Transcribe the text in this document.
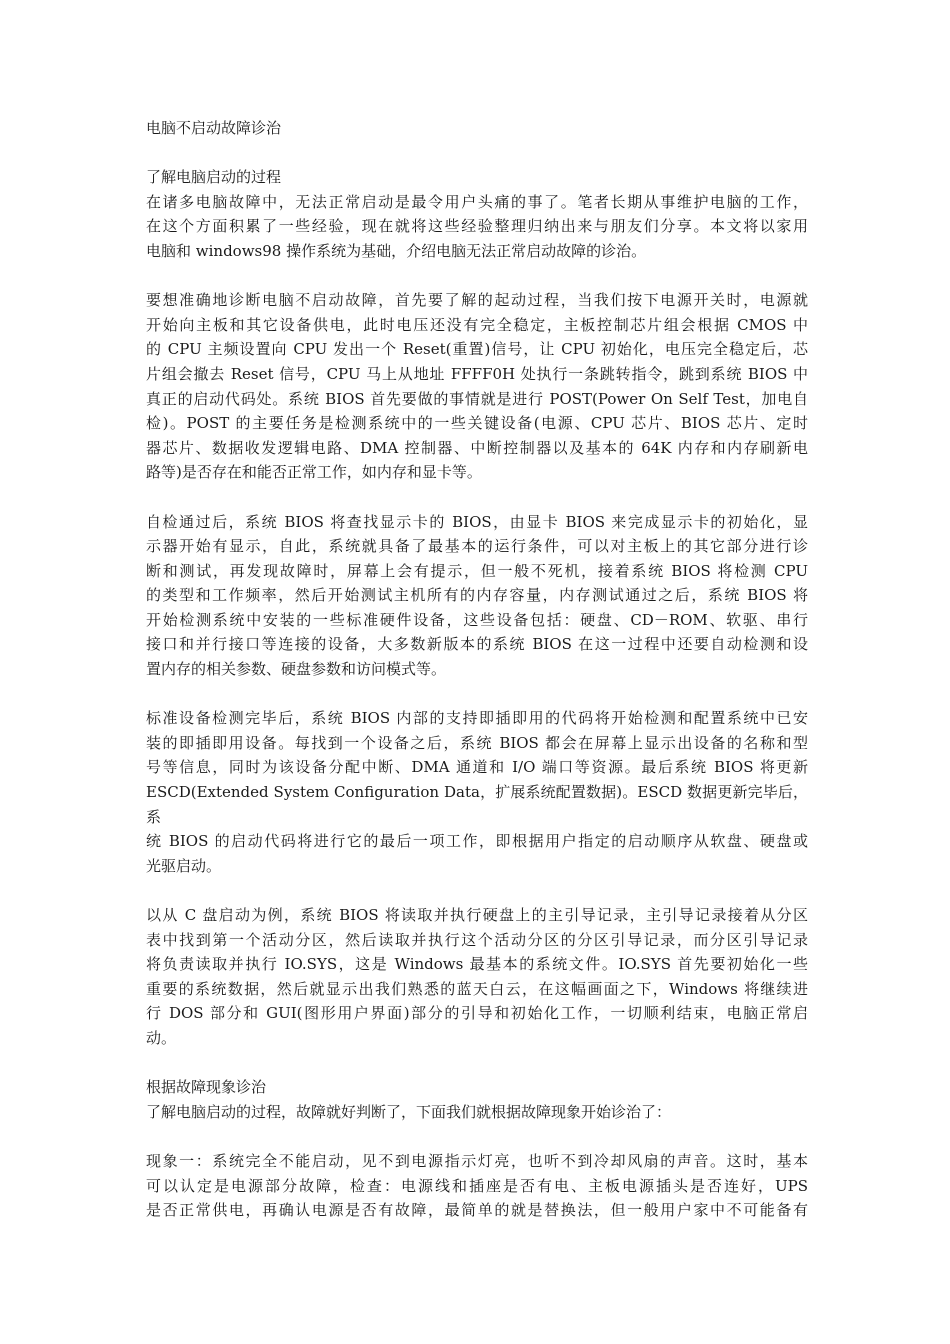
电脑不启动故障诊治
了解电脑启动的过程
在诸多电脑故障中，无法正常启动是最令用户头痛的事了。笔者长期从事维护电脑的工作，
在这个方面积累了一些经验，现在就将这些经验整理归纳出来与朋友们分享。本文将以家用
电脑和 windows98 操作系统为基础，介绍电脑无法正常启动故障的诊治。
要想准确地诊断电脑不启动故障，首先要了解的起动过程，当我们按下电源开关时，电源就
开始向主板和其它设备供电，此时电压还没有完全稳定，主板控制芯片组会根据 CMOS 中
的 CPU 主频设置向 CPU 发出一个 Reset(重置)信号，让 CPU 初始化，电压完全稳定后，芯
片组会撤去 Reset 信号，CPU 马上从地址 FFFF0H 处执行一条跳转指令，跳到系统 BIOS 中
真正的启动代码处。系统 BIOS 首先要做的事情就是进行 POST(Power On Self Test，加电自
检)。POST 的主要任务是检测系统中的一些关键设备(电源、CPU 芯片、BIOS 芯片、定时
器芯片、数据收发逻辑电路、DMA 控制器、中断控制器以及基本的 64K 内存和内存刷新电
路等)是否存在和能否正常工作，如内存和显卡等。
自检通过后，系统 BIOS 将查找显示卡的 BIOS，由显卡 BIOS 来完成显示卡的初始化，显
示器开始有显示，自此，系统就具备了最基本的运行条件，可以对主板上的其它部分进行诊
断和测试，再发现故障时，屏幕上会有提示，但一般不死机，接着系统 BIOS 将检测 CPU
的类型和工作频率，然后开始测试主机所有的内存容量，内存测试通过之后，系统 BIOS 将
开始检测系统中安装的一些标准硬件设备，这些设备包括：硬盘、CD－ROM、软驱、串行
接口和并行接口等连接的设备，大多数新版本的系统 BIOS 在这一过程中还要自动检测和设
置内存的相关参数、硬盘参数和访问模式等。
标准设备检测完毕后，系统 BIOS 内部的支持即插即用的代码将开始检测和配置系统中已安
装的即插即用设备。每找到一个设备之后，系统 BIOS 都会在屏幕上显示出设备的名称和型
号等信息，同时为该设备分配中断、DMA 通道和 I/O 端口等资源。最后系统 BIOS 将更新
ESCD(Extended System Configuration Data，扩展系统配置数据)。ESCD 数据更新完毕后，系
统 BIOS 的启动代码将进行它的最后一项工作，即根据用户指定的启动顺序从软盘、硬盘或
光驱启动。
以从 C 盘启动为例，系统 BIOS 将读取并执行硬盘上的主引导记录，主引导记录接着从分区
表中找到第一个活动分区，然后读取并执行这个活动分区的分区引导记录，而分区引导记录
将负责读取并执行 IO.SYS，这是 Windows 最基本的系统文件。IO.SYS 首先要初始化一些
重要的系统数据，然后就显示出我们熟悉的蓝天白云，在这幅画面之下，Windows 将继续进
行 DOS 部分和 GUI(图形用户界面)部分的引导和初始化工作，一切顺利结束，电脑正常启
动。
根据故障现象诊治
了解电脑启动的过程，故障就好判断了，下面我们就根据故障现象开始诊治了：
现象一：系统完全不能启动，见不到电源指示灯亮，也听不到冷却风扇的声音。这时，基本
可以认定是电源部分故障，检查：电源线和插座是否有电、主板电源插头是否连好，UPS
是否正常供电，再确认电源是否有故障，最简单的就是替换法，但一般用户家中不可能备有
